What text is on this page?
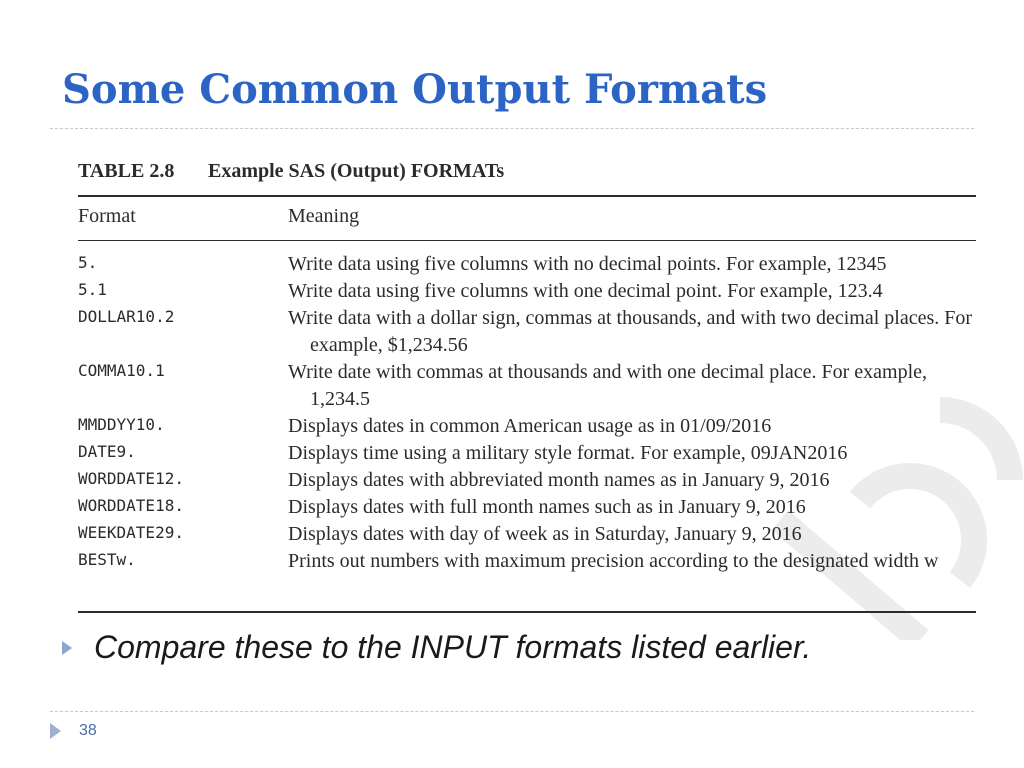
Some Common Output Formats
TABLE 2.8 Example SAS (Output) FORMATs
Format	Meaning
5.	Write data using five columns with no decimal points. For example, 12345
5.1	Write data using five columns with one decimal point. For example, 123.4
DOLLAR10.2	Write data with a dollar sign, commas at thousands, and with two decimal places. For example, $1,234.56
COMMA10.1	Write date with commas at thousands and with one decimal place. For example, 1,234.5
MMDDYY10.	Displays dates in common American usage as in 01/09/2016
DATE9.	Displays time using a military style format. For example, 09JAN2016
WORDDATE12.	Displays dates with abbreviated month names as in January 9, 2016
WORDDATE18.	Displays dates with full month names such as in January 9, 2016
WEEKDATE29.	Displays dates with day of week as in Saturday, January 9, 2016
BESTw.	Prints out numbers with maximum precision according to the designated width w
Compare these to the INPUT formats listed earlier.
38
